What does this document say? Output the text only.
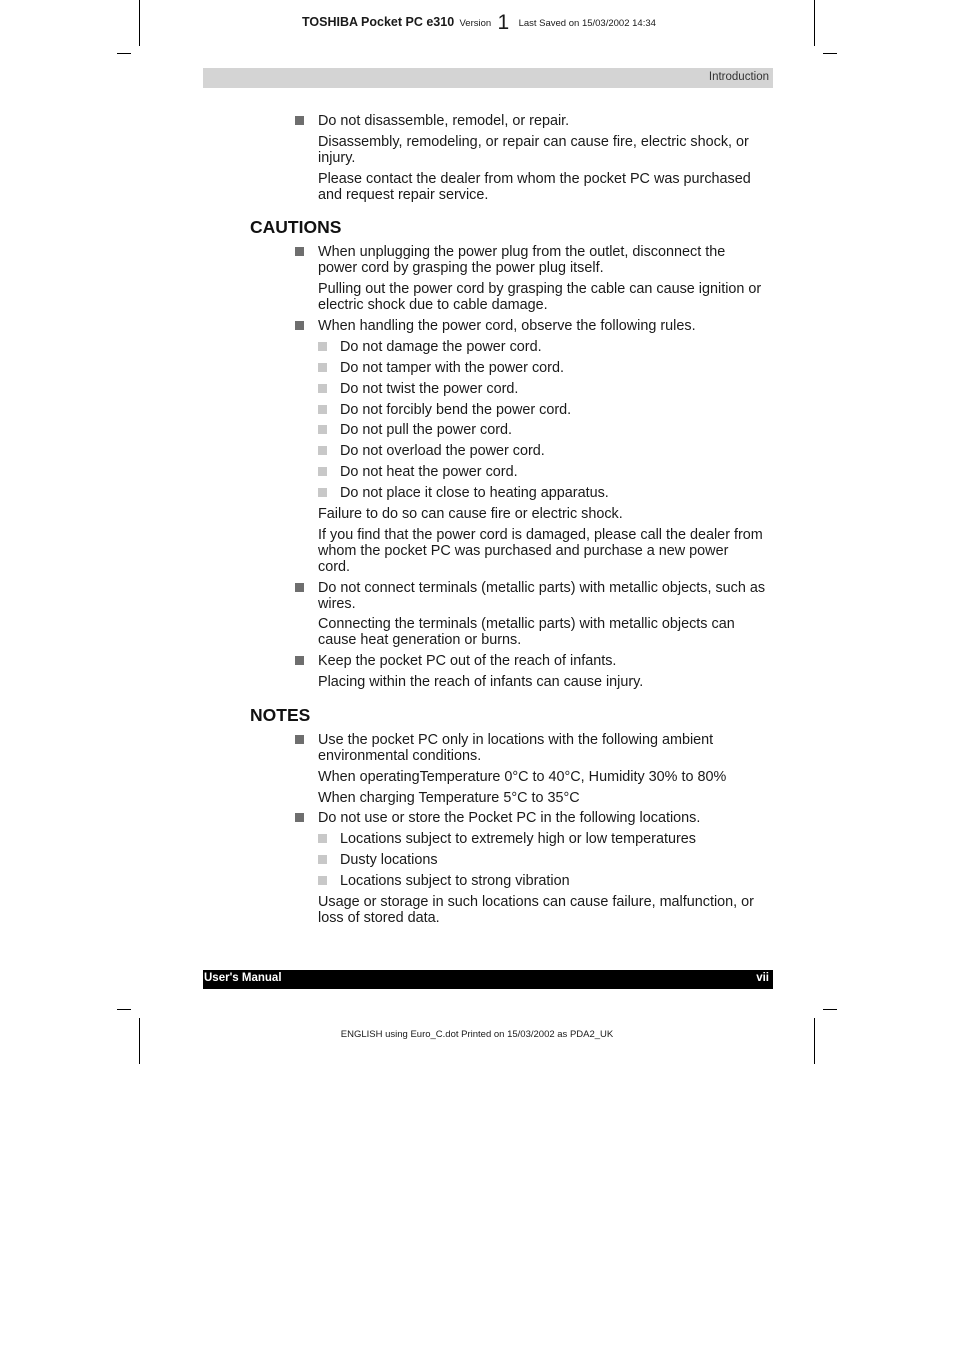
TOSHIBA Pocket PC e310 Version 1 Last Saved on 15/03/2002 14:34
Introduction
Do not disassemble, remodel, or repair.
Disassembly, remodeling, or repair can cause fire, electric shock, or
injury.
Please contact the dealer from whom the pocket PC was purchased
and request repair service.
CAUTIONS
When unplugging the power plug from the outlet, disconnect the
power cord by grasping the power plug itself.
Pulling out the power cord by grasping the cable can cause ignition or
electric shock due to cable damage.
When handling the power cord, observe the following rules.
Do not damage the power cord.
Do not tamper with the power cord.
Do not twist the power cord.
Do not forcibly bend the power cord.
Do not pull the power cord.
Do not overload the power cord.
Do not heat the power cord.
Do not place it close to heating apparatus.
Failure to do so can cause fire or electric shock.
If you find that the power cord is damaged, please call the dealer from
whom the pocket PC was purchased and purchase a new power
cord.
Do not connect terminals (metallic parts) with metallic objects, such as
wires.
Connecting the terminals (metallic parts) with metallic objects can
cause heat generation or burns.
Keep the pocket PC out of the reach of infants.
Placing within the reach of infants can cause injury.
NOTES
Use the pocket PC only in locations with the following ambient
environmental conditions.
When operatingTemperature 0°C to 40°C, Humidity 30% to 80%
When charging Temperature 5°C to 35°C
Do not use or store the Pocket PC in the following locations.
Locations subject to extremely high or low temperatures
Dusty locations
Locations subject to strong vibration
Usage or storage in such locations can cause failure, malfunction, or
loss of stored data.
User's Manual	vii
ENGLISH using Euro_C.dot Printed on 15/03/2002 as PDA2_UK
